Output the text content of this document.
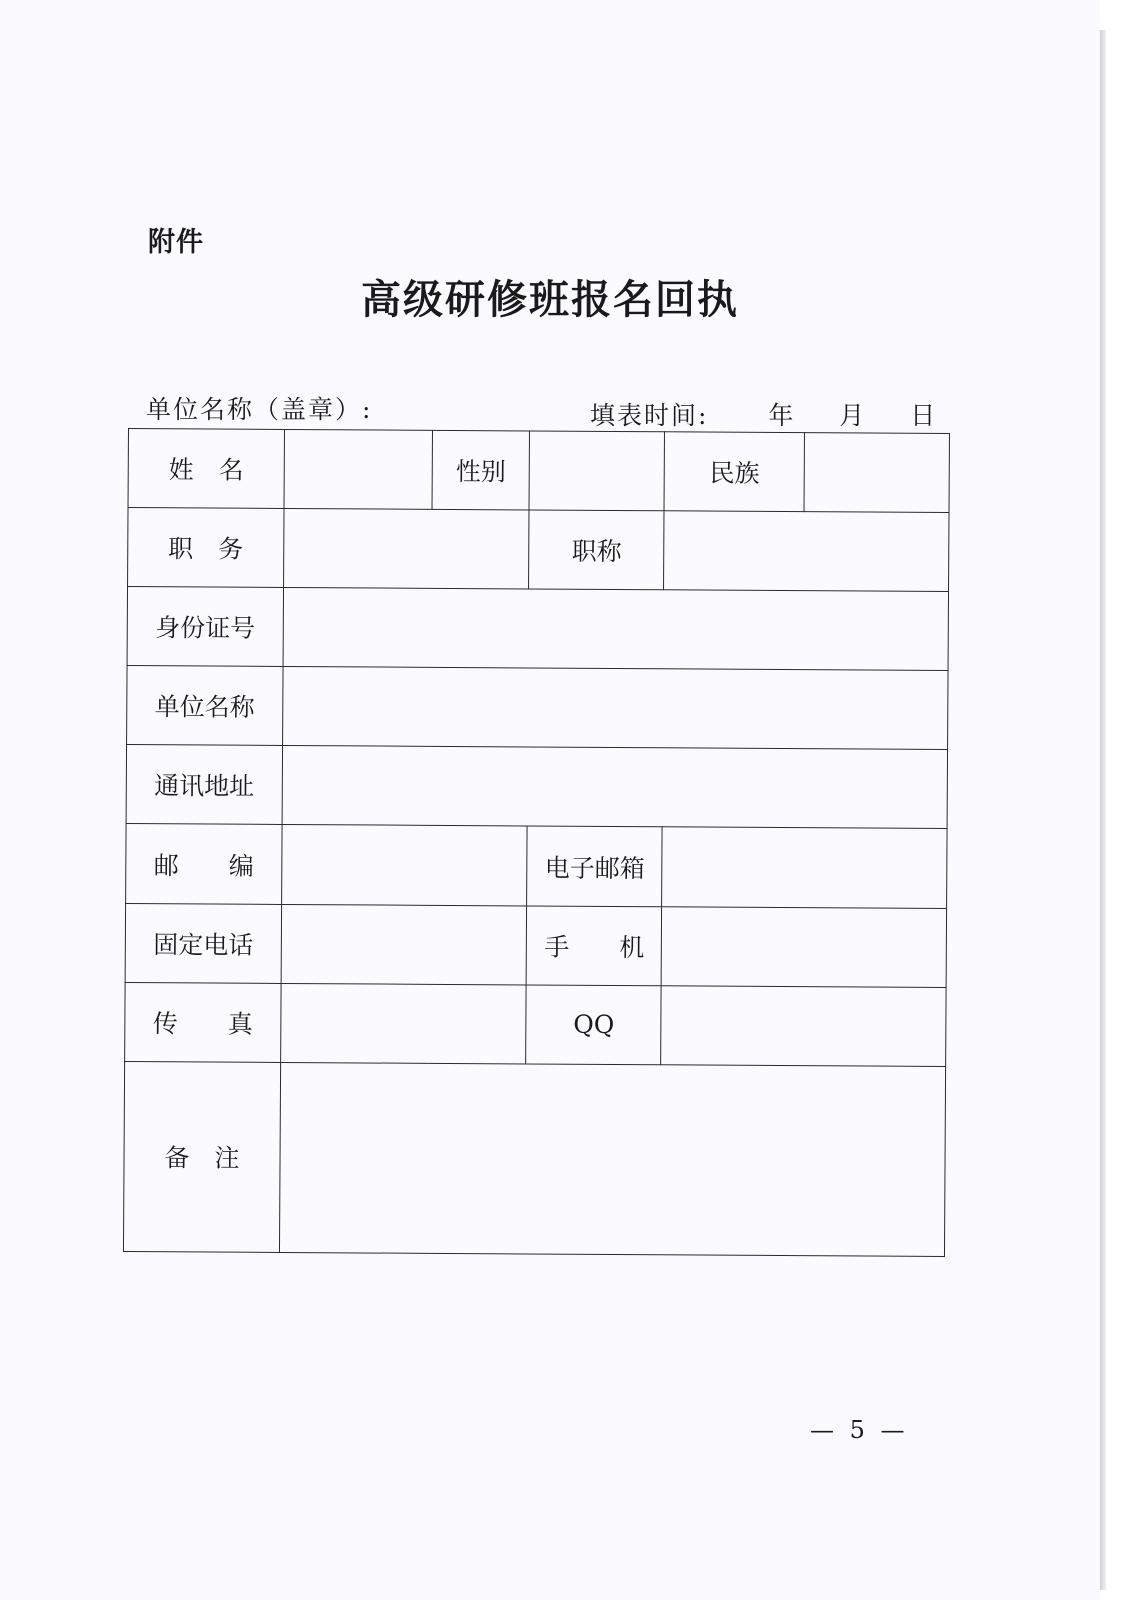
附件
高级研修班报名回执
单位名称（盖章）:	填表时间: 年 月 日
姓　名		性别		民族	
职　务			职称		
身份证号					
单位名称					
通讯地址					
邮　　编			电子邮箱		
固定电话			手　　机		
传　　真			QQ		
备　注					
— 5 —
